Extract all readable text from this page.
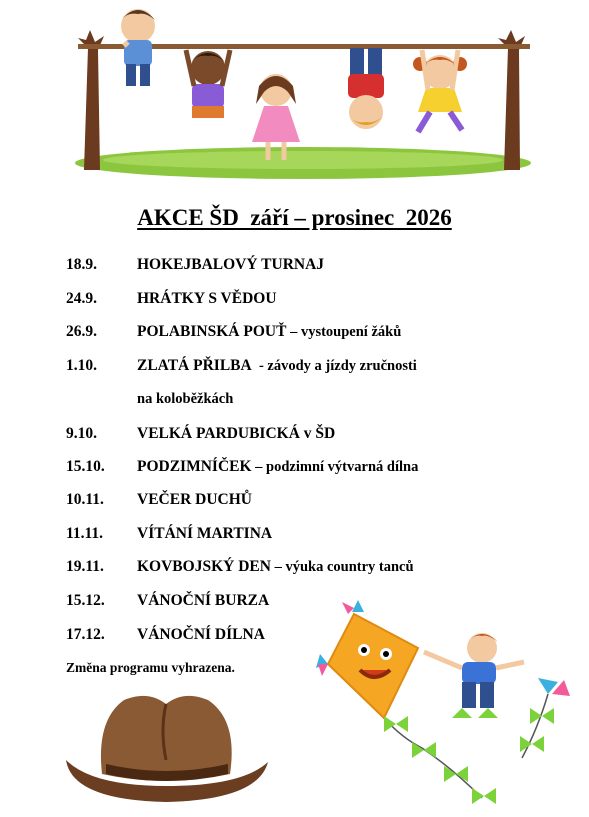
AKCE ŠD  září – prosinec  2026
18.9.	HOKEJBALOVÝ TURNAJ
24.9.	HRÁTKY S VĚDOU
26.9.	POLABINSKÁ POUŤ – vystoupení žáků
1.10.	ZLATÁ PŘILBA  - závody a jízdy zručnosti
na koloběžkách
9.10.	VELKÁ PARDUBICKÁ v ŠD
15.10. PODZIMNÍČEK – podzimní výtvarná dílna
10.11. VEČER DUCHŮ
11.11. VÍTÁNÍ MARTINA
19.11. KOVBOJSKÝ DEN – výuka country tanců
15.12. VÁNOČNÍ BURZA
17.12. VÁNOČNÍ DÍLNA
Změna programu vyhrazena.
